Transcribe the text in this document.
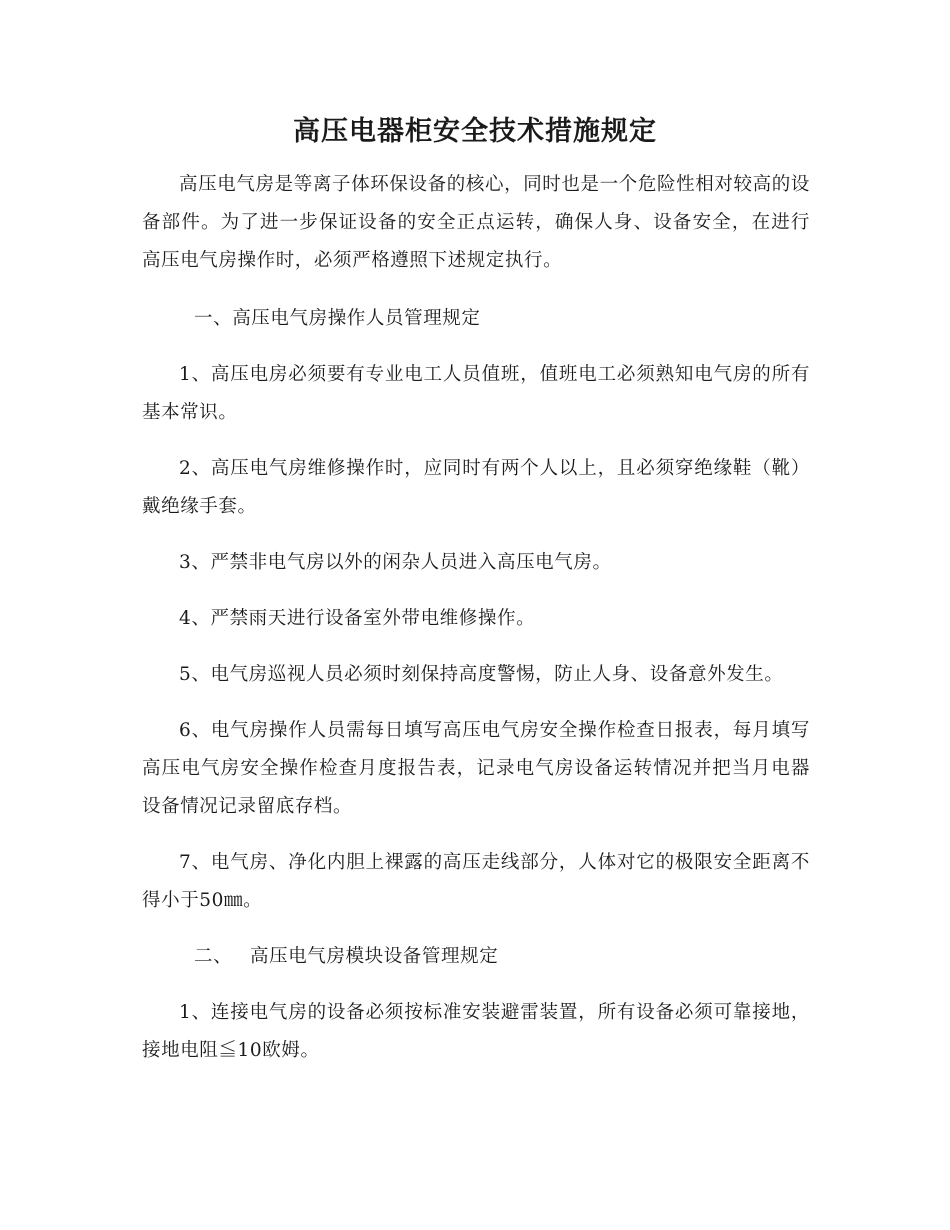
高压电器柜安全技术措施规定

高压电气房是等离子体环保设备的核心，同时也是一个危险性相对较高的设备部件。为了进一步保证设备的安全正点运转，确保人身、设备安全，在进行高压电气房操作时，必须严格遵照下述规定执行。

一、高压电气房操作人员管理规定

1、高压电房必须要有专业电工人员值班，值班电工必须熟知电气房的所有基本常识。

2、高压电气房维修操作时，应同时有两个人以上，且必须穿绝缘鞋（靴）戴绝缘手套。

3、严禁非电气房以外的闲杂人员进入高压电气房。

4、严禁雨天进行设备室外带电维修操作。

5、电气房巡视人员必须时刻保持高度警惕，防止人身、设备意外发生。

6、电气房操作人员需每日填写高压电气房安全操作检查日报表，每月填写高压电气房安全操作检查月度报告表，记录电气房设备运转情况并把当月电器设备情况记录留底存档。

7、电气房、净化内胆上裸露的高压走线部分，人体对它的极限安全距离不得小于50㎜。

二、 高压电气房模块设备管理规定

1、连接电气房的设备必须按标准安装避雷装置，所有设备必须可靠接地，接地电阻≦10欧姆。
